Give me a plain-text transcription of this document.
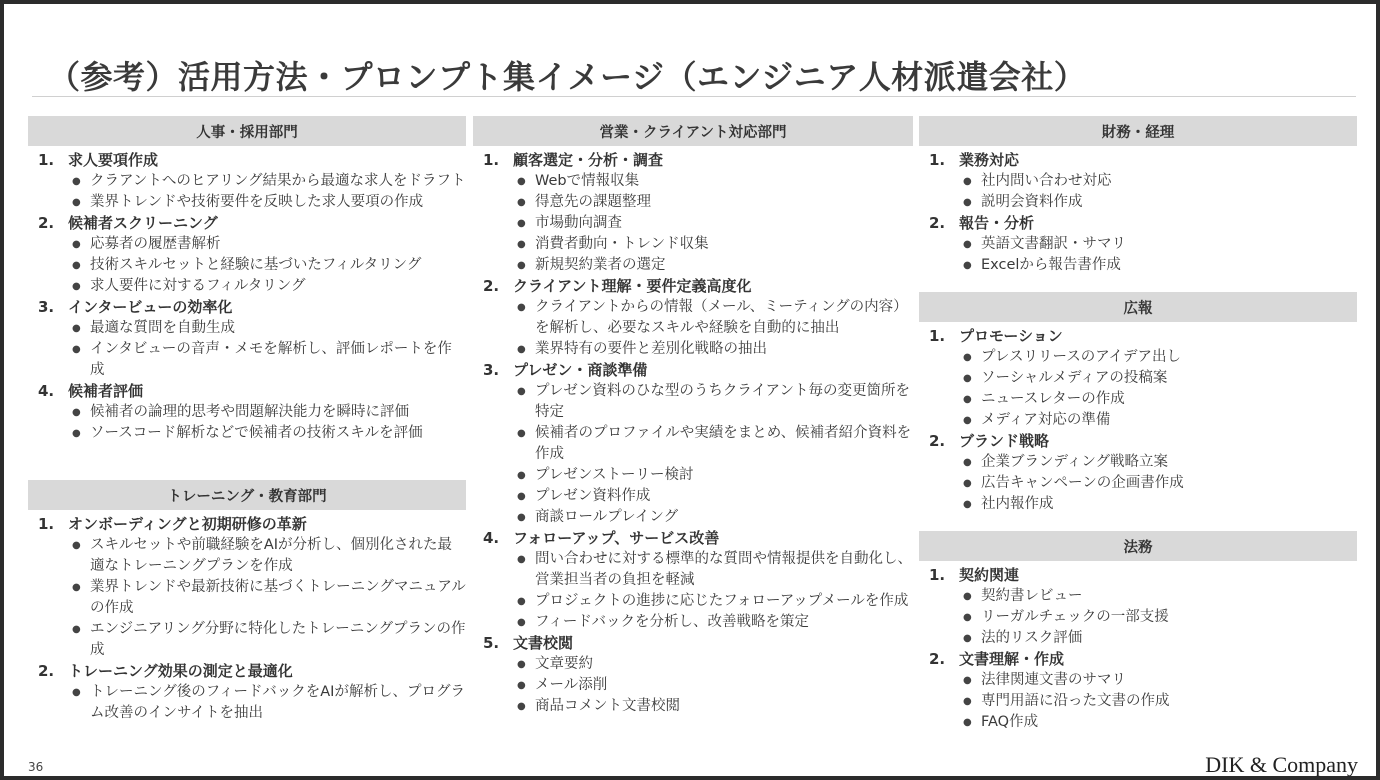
（参考）活用方法・プロンプト集イメージ（エンジニア人材派遣会社）
人事・採用部門
1. 求人要項作成
● クラアントへのヒアリング結果から最適な求人をドラフト
● 業界トレンドや技術要件を反映した求人要項の作成
2. 候補者スクリーニング
● 応募者の履歴書解析
● 技術スキルセットと経験に基づいたフィルタリング
● 求人要件に対するフィルタリング
3. インタービューの効率化
● 最適な質問を自動生成
● インタビューの音声・メモを解析し、評価レポートを作成
4. 候補者評価
● 候補者の論理的思考や問題解決能力を瞬時に評価
● ソースコード解析などで候補者の技術スキルを評価
トレーニング・教育部門
1. オンボーディングと初期研修の革新
● スキルセットや前職経験をAIが分析し、個別化された最適なトレーニングプランを作成
● 業界トレンドや最新技術に基づくトレーニングマニュアルの作成
● エンジニアリング分野に特化したトレーニングプランの作成
2. トレーニング効果の測定と最適化
● トレーニング後のフィードバックをAIが解析し、プログラム改善のインサイトを抽出
営業・クライアント対応部門
1. 顧客選定・分析・調査
● Webで情報収集
● 得意先の課題整理
● 市場動向調査
● 消費者動向・トレンド収集
● 新規契約業者の選定
2. クライアント理解・要件定義高度化
● クライアントからの情報（メール、ミーティングの内容）を解析し、必要なスキルや経験を自動的に抽出
● 業界特有の要件と差別化戦略の抽出
3. プレゼン・商談準備
● プレゼン資料のひな型のうちクライアント毎の変更箇所を特定
● 候補者のプロファイルや実績をまとめ、候補者紹介資料を作成
● プレゼンストーリー検討
● プレゼン資料作成
● 商談ロールプレイング
4. フォローアップ、サービス改善
● 問い合わせに対する標準的な質問や情報提供を自動化し、営業担当者の負担を軽減
● プロジェクトの進捗に応じたフォローアップメールを作成
● フィードバックを分析し、改善戦略を策定
5. 文書校閲
● 文章要約
● メール添削
● 商品コメント文書校閲
財務・経理
1. 業務対応
● 社内問い合わせ対応
● 説明会資料作成
2. 報告・分析
● 英語文書翻訳・サマリ
● Excelから報告書作成
広報
1. プロモーション
● プレスリリースのアイデア出し
● ソーシャルメディアの投稿案
● ニュースレターの作成
● メディア対応の準備
2. ブランド戦略
● 企業ブランディング戦略立案
● 広告キャンペーンの企画書作成
● 社内報作成
法務
1. 契約関連
● 契約書レビュー
● リーガルチェックの一部支援
● 法的リスク評価
2. 文書理解・作成
● 法律関連文書のサマリ
● 専門用語に沿った文書の作成
● FAQ作成
36	DIK & Company
